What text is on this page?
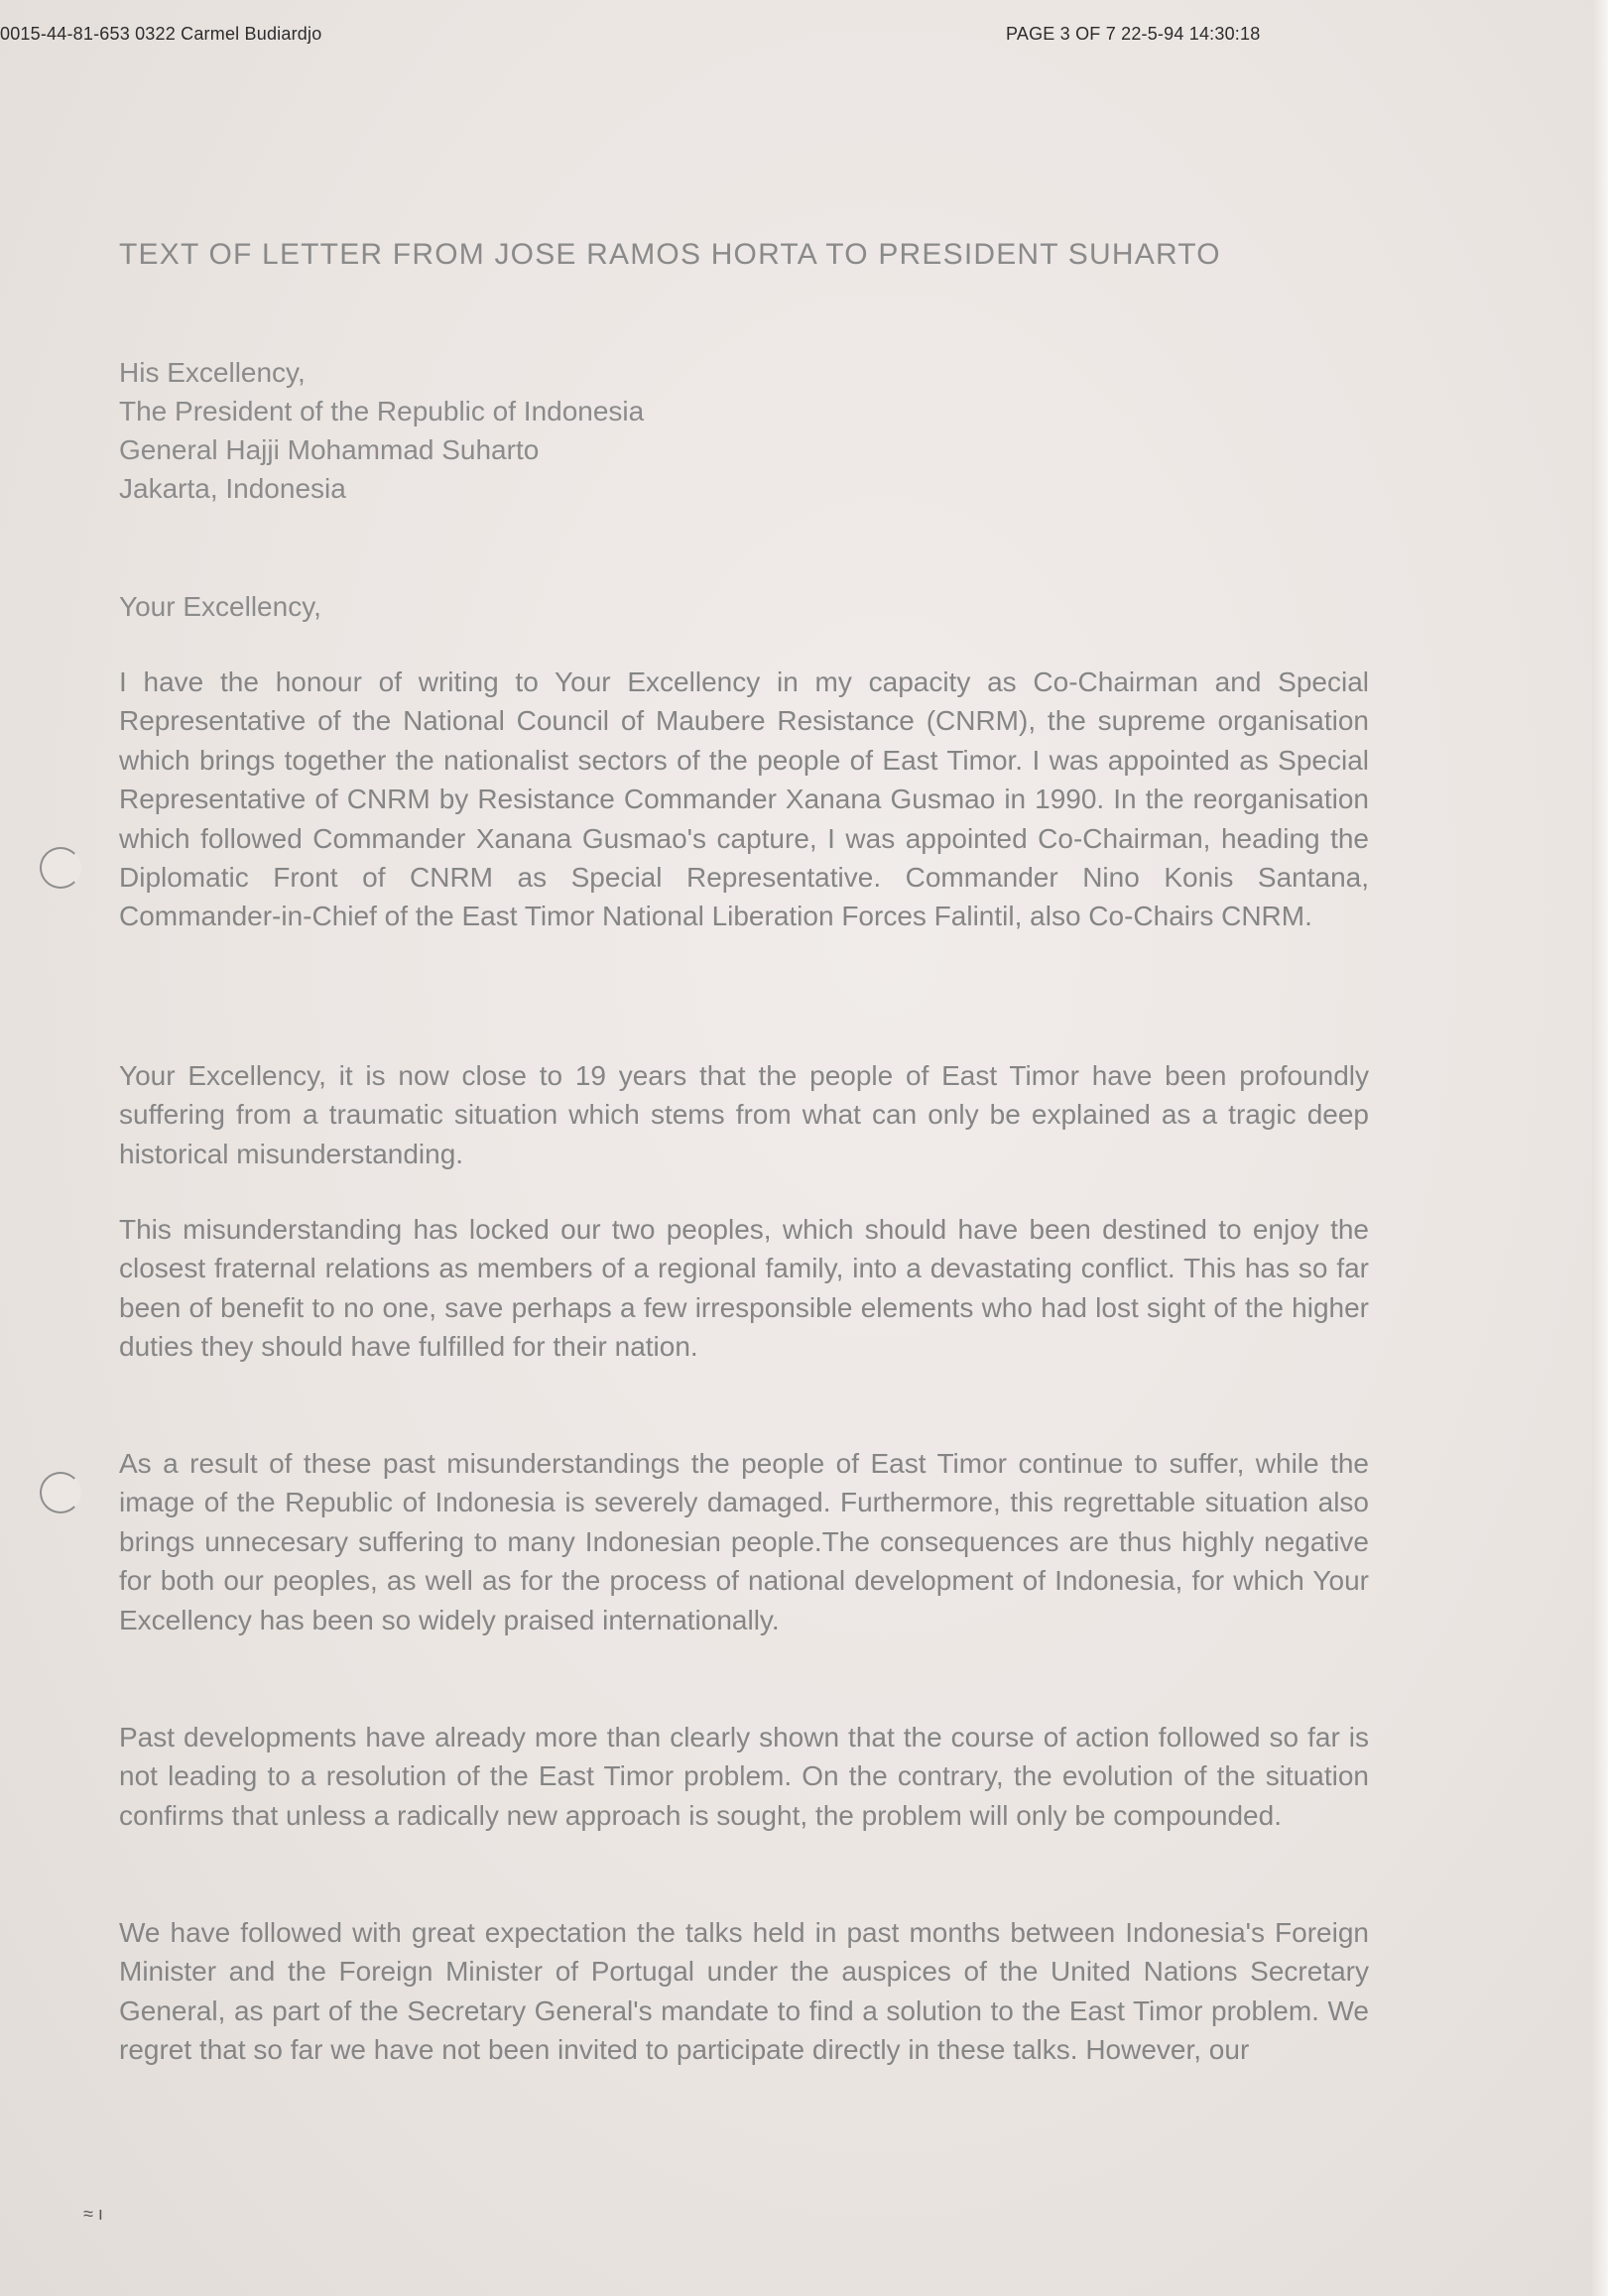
0015-44-81-653 0322 Carmel Budiardjo	PAGE 3 OF 7 22-5-94 14:30:18
TEXT OF LETTER FROM JOSE RAMOS HORTA TO PRESIDENT SUHARTO
His Excellency,
The President of the Republic of Indonesia
General Hajji Mohammad Suharto
Jakarta, Indonesia
Your Excellency,

I have the honour of writing to Your Excellency in my capacity as Co-Chairman and Special Representative of the National Council of Maubere Resistance (CNRM), the supreme organisation which brings together the nationalist sectors of the people of East Timor. I was appointed as Special Representative of CNRM by Resistance Commander Xanana Gusmao in 1990. In the reorganisation which followed Commander Xanana Gusmao's capture, I was appointed Co-Chairman, heading the Diplomatic Front of CNRM as Special Representative. Commander Nino Konis Santana, Commander-in-Chief of the East Timor National Liberation Forces Falintil, also Co-Chairs CNRM.

Your Excellency, it is now close to 19 years that the people of East Timor have been profoundly suffering from a traumatic situation which stems from what can only be explained as a tragic deep historical misunderstanding.

This misunderstanding has locked our two peoples, which should have been destined to enjoy the closest fraternal relations as members of a regional family, into a devastating conflict. This has so far been of benefit to no one, save perhaps a few irresponsible elements who had lost sight of the higher duties they should have fulfilled for their nation.

As a result of these past misunderstandings the people of East Timor continue to suffer, while the image of the Republic of Indonesia is severely damaged. Furthermore, this regrettable situation also brings unnecesary suffering to many Indonesian people.The consequences are thus highly negative for both our peoples, as well as for the process of national development of Indonesia, for which Your Excellency has been so widely praised internationally.

Past developments have already more than clearly shown that the course of action followed so far is not leading to a resolution of the East Timor problem. On the contrary, the evolution of the situation confirms that unless a radically new approach is sought, the problem will only be compounded.

We have followed with great expectation the talks held in past months between Indonesia's Foreign Minister and the Foreign Minister of Portugal under the auspices of the United Nations Secretary General, as part of the Secretary General's mandate to find a solution to the East Timor problem. We regret that so far we have not been invited to participate directly in these talks. However, our

≈ ı
